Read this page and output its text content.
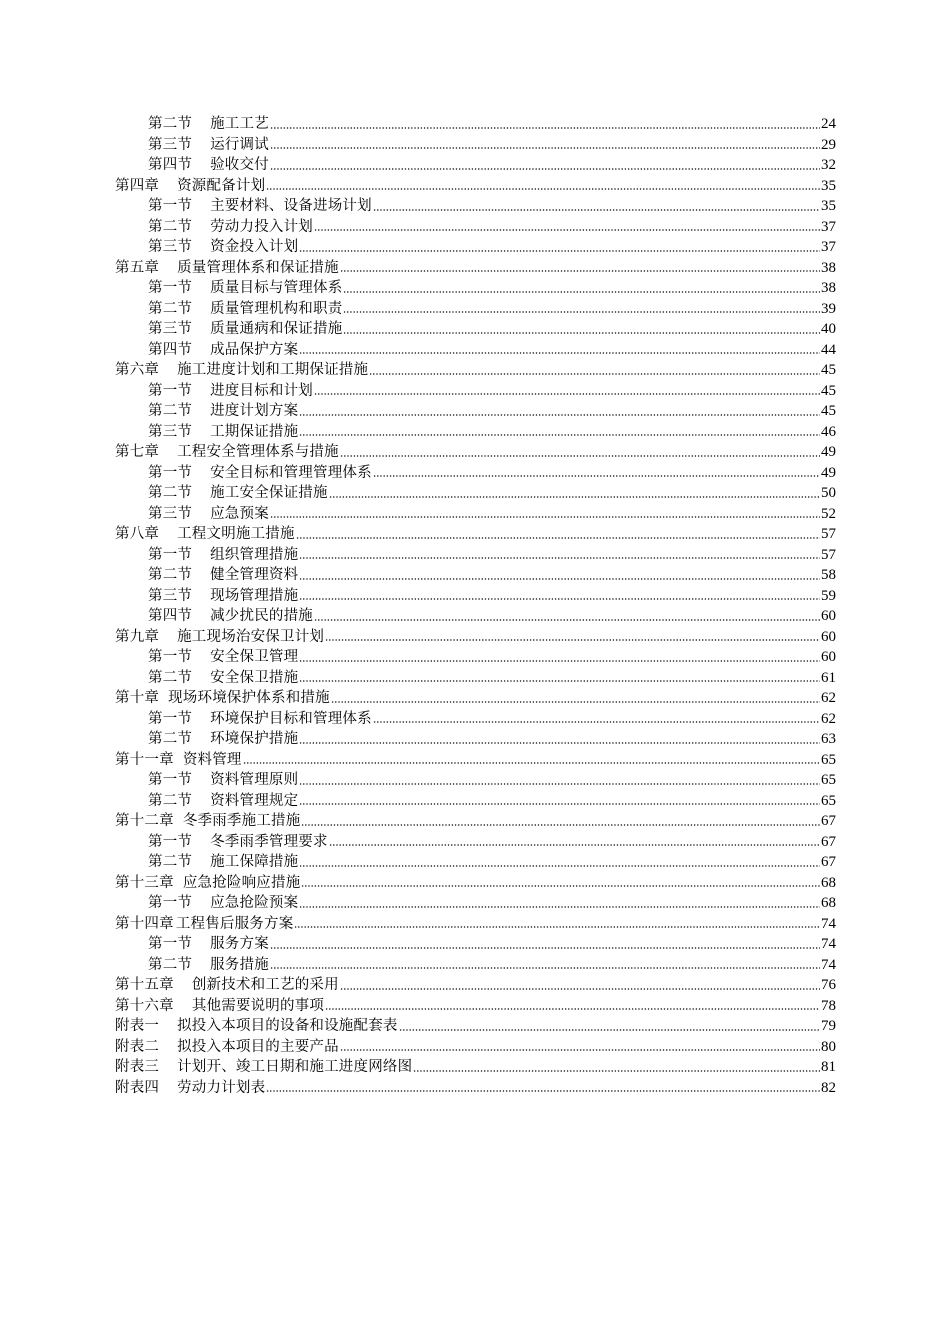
第二节 施工工艺	24
第三节 运行调试	29
第四节 验收交付	32
第四章 资源配备计划	35
第一节 主要材料、设备进场计划	35
第二节 劳动力投入计划	37
第三节 资金投入计划	37
第五章 质量管理体系和保证措施	38
第一节 质量目标与管理体系	38
第二节 质量管理机构和职责	39
第三节 质量通病和保证措施	40
第四节 成品保护方案	44
第六章 施工进度计划和工期保证措施	45
第一节 进度目标和计划	45
第二节 进度计划方案	45
第三节 工期保证措施	46
第七章 工程安全管理体系与措施	49
第一节 安全目标和管理管理体系	49
第二节 施工安全保证措施	50
第三节 应急预案	52
第八章 工程文明施工措施	57
第一节 组织管理措施	57
第二节 健全管理资料	58
第三节 现场管理措施	59
第四节 减少扰民的措施	60
第九章 施工现场治安保卫计划	60
第一节 安全保卫管理	60
第二节 安全保卫措施	61
第十章 现场环境保护体系和措施	62
第一节 环境保护目标和管理体系	62
第二节 环境保护措施	63
第十一章 资料管理	65
第一节 资料管理原则	65
第二节 资料管理规定	65
第十二章 冬季雨季施工措施	67
第一节 冬季雨季管理要求	67
第二节 施工保障措施	67
第十三章 应急抢险响应措施	68
第一节 应急抢险预案	68
第十四章 工程售后服务方案	74
第一节 服务方案	74
第二节 服务措施	74
第十五章 创新技术和工艺的采用	76
第十六章 其他需要说明的事项	78
附表一 拟投入本项目的设备和设施配套表	79
附表二 拟投入本项目的主要产品	80
附表三 计划开、竣工日期和施工进度网络图	81
附表四 劳动力计划表	82
